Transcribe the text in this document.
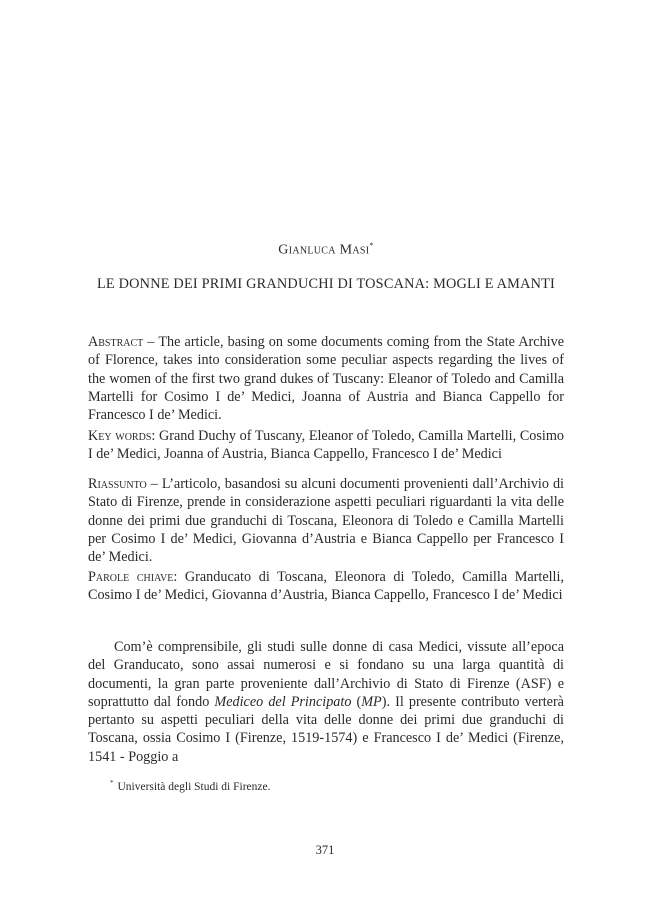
Gianluca Masi*
LE DONNE DEI PRIMI GRANDUCHI DI TOSCANA: MOGLI E AMANTI

Abstract – The article, basing on some documents coming from the State Archive of Florence, takes into consideration some peculiar aspects regarding the lives of the women of the first two grand dukes of Tuscany: Eleanor of Toledo and Camilla Martelli for Cosimo I de’ Medici, Joanna of Austria and Bianca Cappello for Francesco I de’ Medici.

Key words: Grand Duchy of Tuscany, Eleanor of Toledo, Camilla Martelli, Cosimo I de’ Medici, Joanna of Austria, Bianca Cappello, Francesco I de’ Medici

Riassunto – L’articolo, basandosi su alcuni documenti provenienti dall’Archivio di Stato di Firenze, prende in considerazione aspetti peculiari riguardanti la vita delle donne dei primi due granduchi di Toscana, Eleonora di Toledo e Camilla Martelli per Cosimo I de’ Medici, Giovanna d’Austria e Bianca Cappello per Francesco I de’ Medici.

Parole chiave: Granducato di Toscana, Eleonora di Toledo, Camilla Martelli, Cosimo I de’ Medici, Giovanna d’Austria, Bianca Cappello, Francesco I de’ Medici

Com’è comprensibile, gli studi sulle donne di casa Medici, vissute all’epoca del Granducato, sono assai numerosi e si fondano su una larga quantità di documenti, la gran parte proveniente dall’Archivio di Stato di Firenze (ASF) e soprattutto dal fondo Mediceo del Principato (MP). Il presente contributo verterà pertanto su aspetti peculiari della vita delle donne dei primi due granduchi di Toscana, ossia Cosimo I (Firenze, 1519-1574) e Francesco I de’ Medici (Firenze, 1541 - Poggio a

* Università degli Studi di Firenze.
371
